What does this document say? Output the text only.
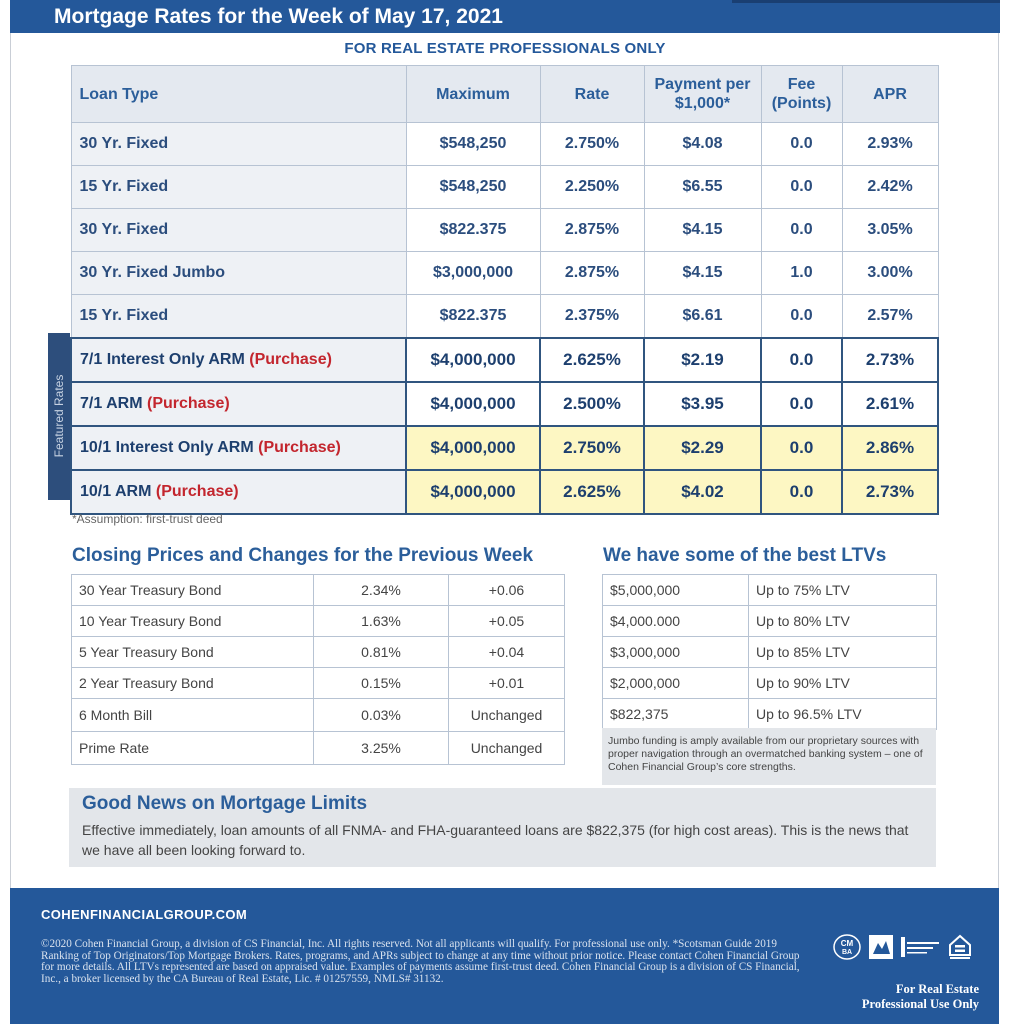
Mortgage Rates for the Week of May 17, 2021
FOR REAL ESTATE PROFESSIONALS ONLY
Featured Rates
Loan Type	Maximum	Rate	Payment per $1,000*	Fee (Points)	APR
30 Yr. Fixed	$548,250	2.750%	$4.08	0.0	2.93%
15 Yr. Fixed	$548,250	2.250%	$6.55	0.0	2.42%
30 Yr. Fixed	$822.375	2.875%	$4.15	0.0	3.05%
30 Yr. Fixed Jumbo	$3,000,000	2.875%	$4.15	1.0	3.00%
15 Yr. Fixed	$822.375	2.375%	$6.61	0.0	2.57%
7/1 Interest Only ARM (Purchase)	$4,000,000	2.625%	$2.19	0.0	2.73%
7/1 ARM (Purchase)	$4,000,000	2.500%	$3.95	0.0	2.61%
10/1 Interest Only ARM (Purchase)	$4,000,000	2.750%	$2.29	0.0	2.86%
10/1 ARM (Purchase)	$4,000,000	2.625%	$4.02	0.0	2.73%
*Assumption: first-trust deed
Closing Prices and Changes for the Previous Week
30 Year Treasury Bond	2.34%	+0.06
10 Year Treasury Bond	1.63%	+0.05
5 Year Treasury Bond	0.81%	+0.04
2 Year Treasury Bond	0.15%	+0.01
6 Month Bill	0.03%	Unchanged
Prime Rate	3.25%	Unchanged
We have some of the best LTVs
$5,000,000	Up to 75% LTV
$4,000.000	Up to 80% LTV
$3,000,000	Up to 85% LTV
$2,000,000	Up to 90% LTV
$822,375	Up to 96.5% LTV
Jumbo funding is amply available from our proprietary sources with proper navigation through an overmatched banking system – one of Cohen Financial Group’s core strengths.
Good News on Mortgage Limits
Effective immediately, loan amounts of all FNMA- and FHA-guaranteed loans are $822,375 (for high cost areas). This is the news that we have all been looking forward to.
COHENFINANCIALGROUP.COM
©2020 Cohen Financial Group, a division of CS Financial, Inc. All rights reserved. Not all applicants will qualify. For professional use only. *Scotsman Guide 2019 Ranking of Top Originators/Top Mortgage Brokers. Rates, programs, and APRs subject to change at any time without prior notice. Please contact Cohen Financial Group for more details. All LTVs represented are based on appraised value. Examples of payments assume first-trust deed. Cohen Financial Group is a division of CS Financial, Inc., a broker licensed by the CA Bureau of Real Estate, Lic. # 01257559, NMLS# 31132.
CM
BA
For Real Estate
Professional Use Only
